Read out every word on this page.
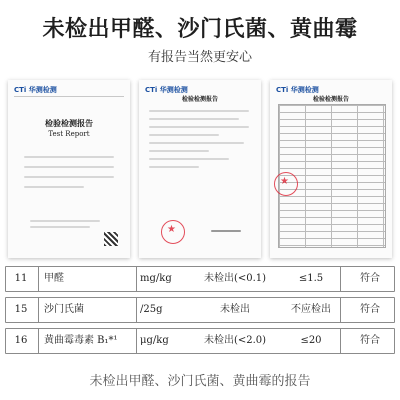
未检出甲醛、沙门氏菌、黄曲霉
有报告当然更安心
CTi 华测检测
检验检测报告
Test Report
CTi 华测检测
检验检测报告
★
CTi 华测检测
检验检测报告
★
11	甲醛	mg/kg	未检出(<0.1)	≤1.5	符合
15	沙门氏菌	/25g	未检出	不应检出	符合
16	黄曲霉毒素 B₁*¹	μg/kg	未检出(<2.0)	≤20	符合
未检出甲醛、沙门氏菌、黄曲霉的报告
